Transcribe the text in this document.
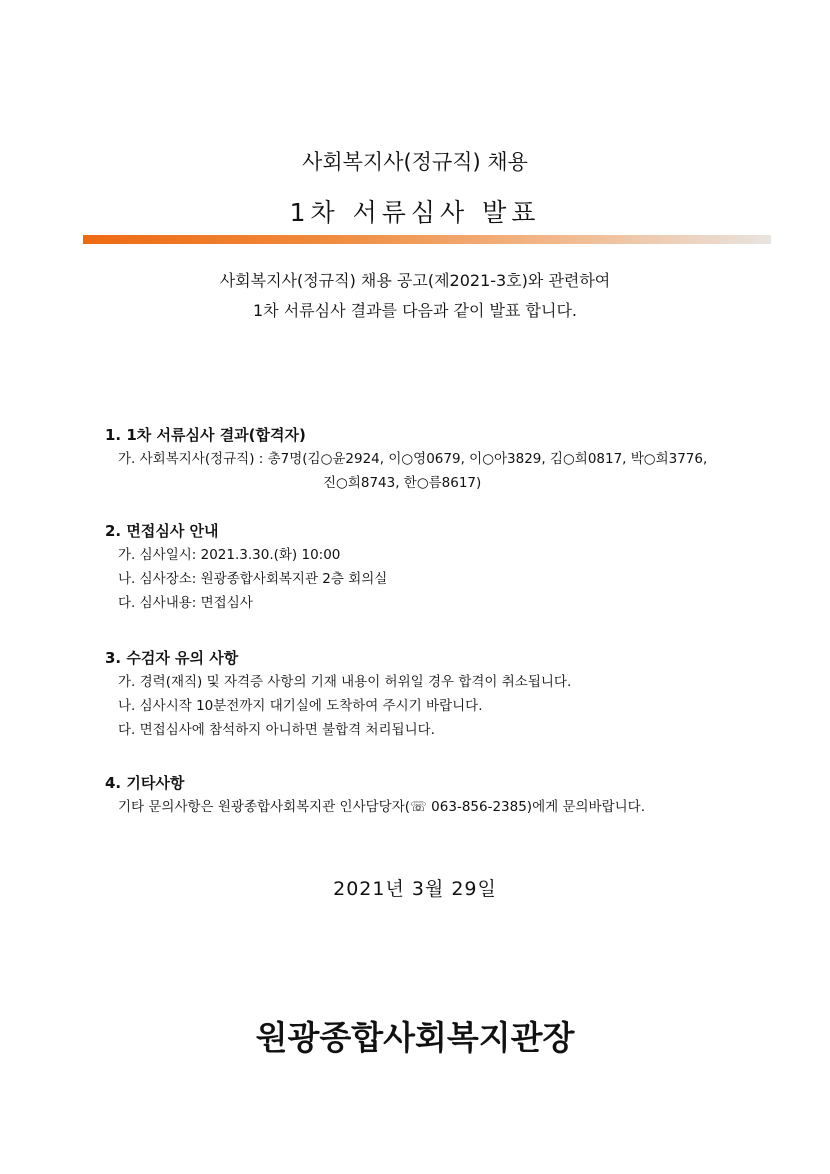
사회복지사(정규직) 채용
1차 서류심사 발표
사회복지사(정규직) 채용 공고(제2021-3호)와 관련하여
1차 서류심사 결과를 다음과 같이 발표 합니다.
1. 1차 서류심사 결과(합격자)
가. 사회복지사(정규직) : 총7명(김○윤2924, 이○영0679, 이○아3829, 김○희0817, 박○희3776,
진○희8743, 한○름8617)
2. 면접심사 안내
가. 심사일시: 2021.3.30.(화) 10:00
나. 심사장소: 원광종합사회복지관 2층 회의실
다. 심사내용: 면접심사
3. 수검자 유의 사항
가. 경력(재직) 및 자격증 사항의 기재 내용이 허위일 경우 합격이 취소됩니다.
나. 심사시작 10분전까지 대기실에 도착하여 주시기 바랍니다.
다. 면접심사에 참석하지 아니하면 불합격 처리됩니다.
4. 기타사항
기타 문의사항은 원광종합사회복지관 인사담당자(☏ 063-856-2385)에게 문의바랍니다.
2021년 3월 29일
원광종합사회복지관장
